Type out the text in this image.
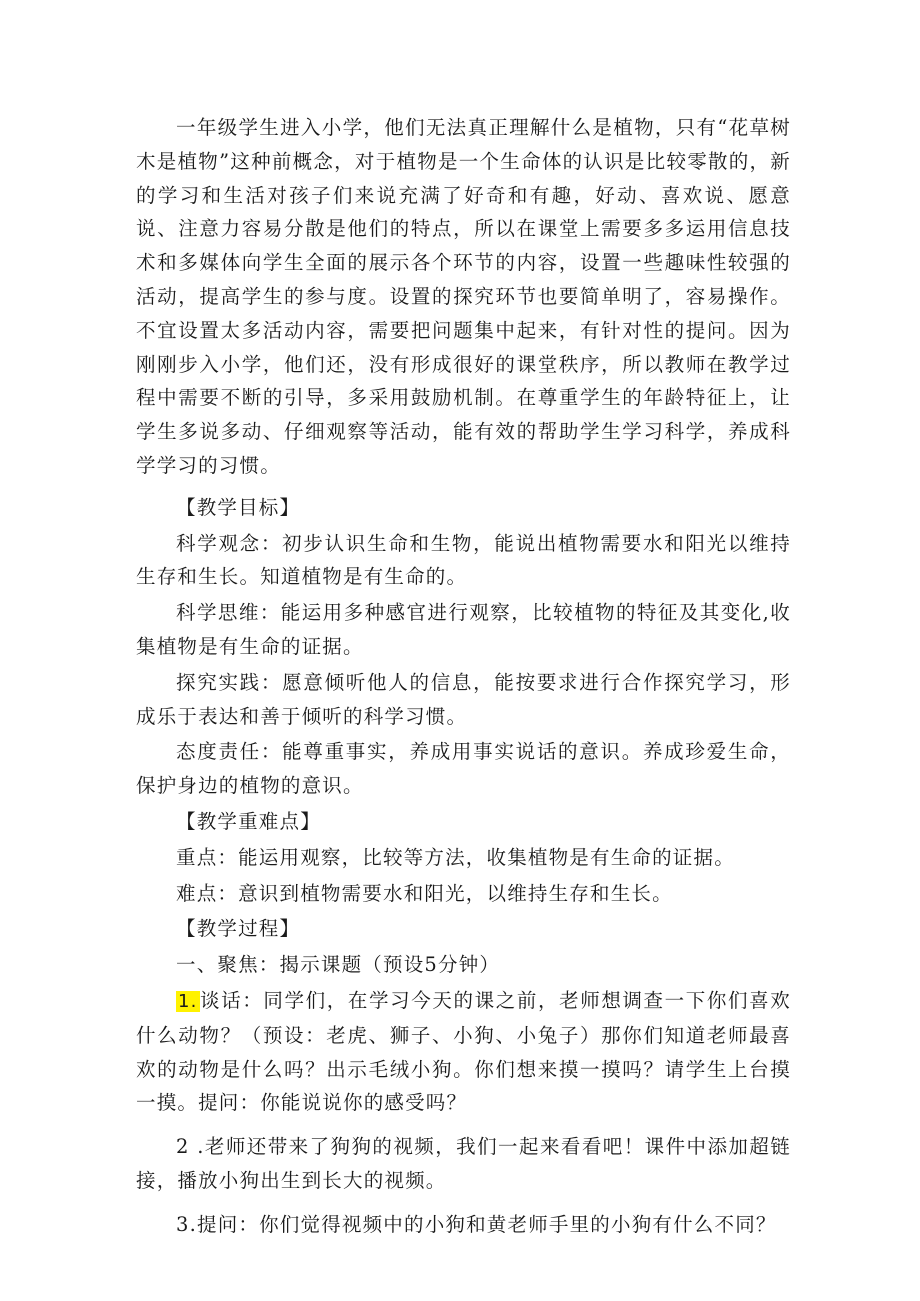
一年级学生进入小学，他们无法真正理解什么是植物，只有“花草树木是植物”这种前概念，对于植物是一个生命体的认识是比较零散的，新的学习和生活对孩子们来说充满了好奇和有趣，好动、喜欢说、愿意说、注意力容易分散是他们的特点，所以在课堂上需要多多运用信息技术和多媒体向学生全面的展示各个环节的内容，设置一些趣味性较强的活动，提高学生的参与度。设置的探究环节也要简单明了，容易操作。不宜设置太多活动内容，需要把问题集中起来，有针对性的提问。因为刚刚步入小学，他们还，没有形成很好的课堂秩序，所以教师在教学过程中需要不断的引导，多采用鼓励机制。在尊重学生的年龄特征上，让学生多说多动、仔细观察等活动，能有效的帮助学生学习科学，养成科学学习的习惯。

【教学目标】

科学观念：初步认识生命和生物，能说出植物需要水和阳光以维持生存和生长。知道植物是有生命的。

科学思维：能运用多种感官进行观察，比较植物的特征及其变化,收集植物是有生命的证据。

探究实践：愿意倾听他人的信息，能按要求进行合作探究学习，形成乐于表达和善于倾听的科学习惯。

态度责任：能尊重事实，养成用事实说话的意识。养成珍爱生命，保护身边的植物的意识。

【教学重难点】

重点：能运用观察，比较等方法，收集植物是有生命的证据。

难点：意识到植物需要水和阳光，以维持生存和生长。

【教学过程】

一、聚焦：揭示课题（预设5分钟）

1. 谈话：同学们，在学习今天的课之前，老师想调查一下你们喜欢什么动物？（预设：老虎、狮子、小狗、小兔子）那你们知道老师最喜欢的动物是什么吗？出示毛绒小狗。你们想来摸一摸吗？请学生上台摸一摸。提问：你能说说你的感受吗？

2 .老师还带来了狗狗的视频，我们一起来看看吧！课件中添加超链接，播放小狗出生到长大的视频。

3.提问：你们觉得视频中的小狗和黄老师手里的小狗有什么不同？
